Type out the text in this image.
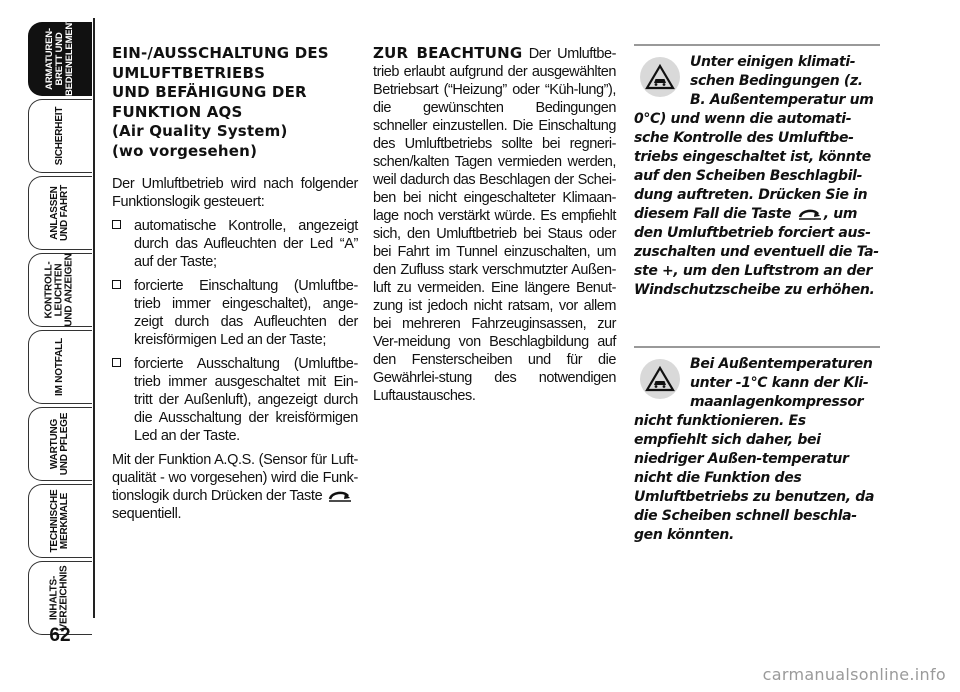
ARMATUREN-
BRETT UND
BEDIENELEMENTE
SICHERHEIT
ANLASSEN
UND FAHRT
KONTROLL-
LEUCHTEN
UND ANZEIGEN
IM NOTFALL
WARTUNG
UND PFLEGE
TECHNISCHE
MERKMALE
INHALTS-
VERZEICHNIS
62
EIN-/AUSSCHALTUNG DES
UMLUFTBETRIEBS
UND BEFÄHIGUNG DER
FUNKTION AQS
(Air Quality System)
(wo vorgesehen)

Der Umluftbetrieb wird nach folgender Funktionslogik gesteuert:

automatische Kontrolle, angezeigt durch das Aufleuchten der Led “A” auf der Taste;
forcierte Einschaltung (Umluftbe-trieb immer eingeschaltet), ange-zeigt durch das Aufleuchten der kreisförmigen Led an der Taste;
forcierte Ausschaltung (Umluftbe-trieb immer ausgeschaltet mit Ein-tritt der Außenluft), angezeigt durch die Ausschaltung der kreisförmigen Led an der Taste.

Mit der Funktion A.Q.S. (Sensor für Luft-qualität - wo vorgesehen) wird die Funk-tionslogik durch Drücken der Taste

sequentiell.

ZUR BEACHTUNG Der Umluftbe-trieb erlaubt aufgrund der ausgewählten Betriebsart (“Heizung” oder “Küh-lung”), die gewünschten Bedingungen schneller einzustellen. Die Einschaltung des Umluftbetriebs sollte bei regneri-schen/kalten Tagen vermieden werden, weil dadurch das Beschlagen der Schei-ben bei nicht eingeschalteter Klimaan-lage noch verstärkt würde. Es empfiehlt sich, den Umluftbetrieb bei Staus oder bei Fahrt im Tunnel einzuschalten, um den Zufluss stark verschmutzter Außen-luft zu vermeiden. Eine längere Benut-zung ist jedoch nicht ratsam, vor allem bei mehreren Fahrzeuginsassen, zur Ver-meidung von Beschlagbildung auf den Fensterscheiben und für die Gewährlei-stung des notwendigen Luftaustausches.

Unter einigen klimati-schen Bedingungen (z. B. Außentemperatur um 0°C) und wenn die automati-sche Kontrolle des Umluftbe-triebs eingeschaltet ist, könnte auf den Scheiben Beschlagbil-dung auftreten. Drücken Sie in diesem Fall die Taste , um den Umluftbetrieb forciert aus-zuschalten und eventuell die Ta-ste +, um den Luftstrom an der Windschutzscheibe zu erhöhen.

Bei Außentemperaturen unter -1°C kann der Kli-maanlagenkompressor nicht funktionieren. Es empfiehlt sich daher, bei niedriger Außen-temperatur nicht die Funktion des Umluftbetriebs zu benutzen, da die Scheiben schnell beschla-gen könnten.

carmanualsonline.info
